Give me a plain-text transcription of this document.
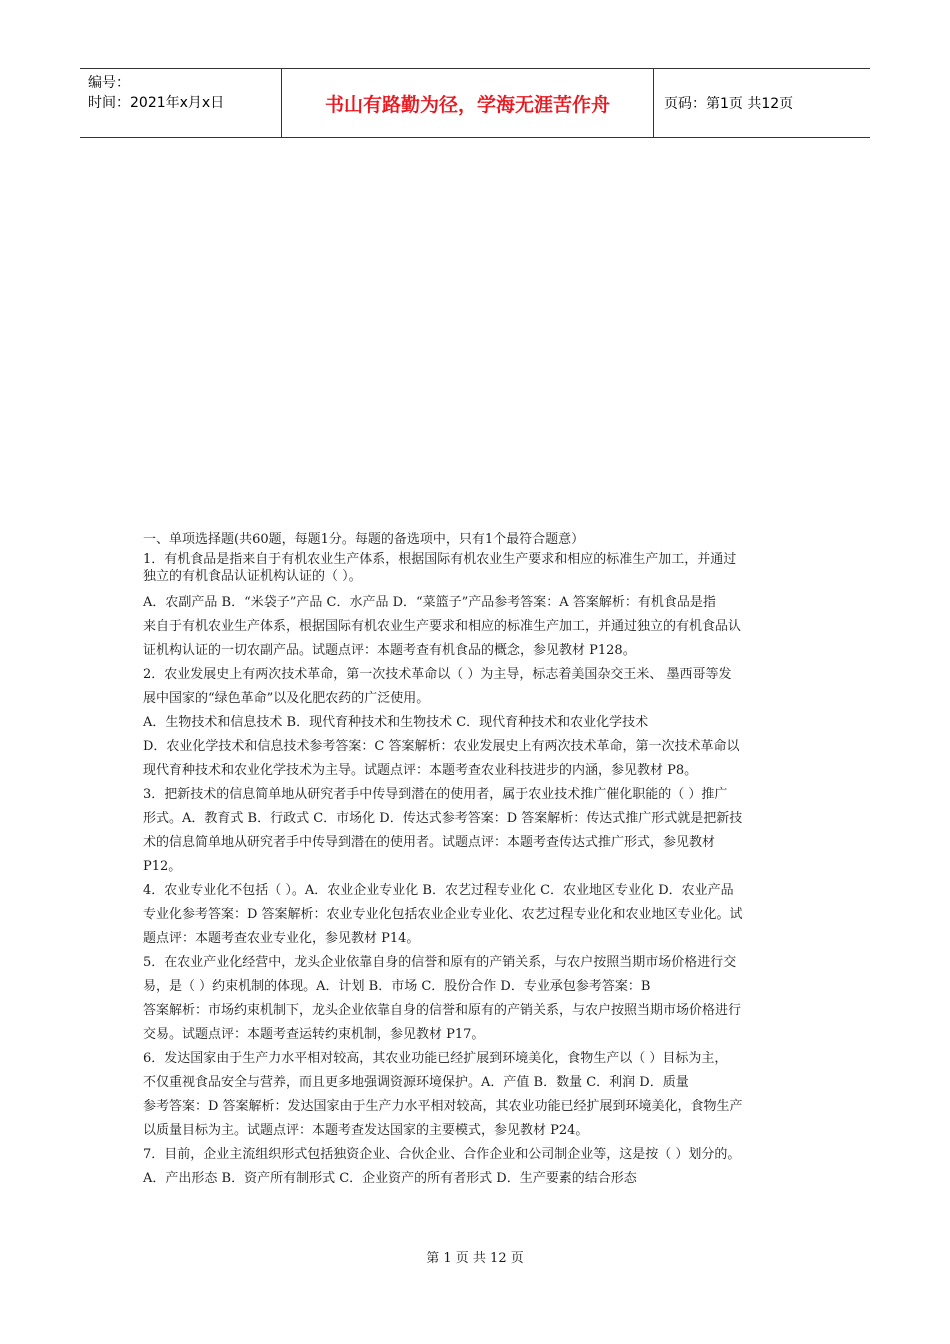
编号：
时间：2021年x月x日	书山有路勤为径，学海无涯苦作舟	页码：第1页 共12页

一、单项选择题(共60题，每题1分。每题的备选项中，只有1个最符合题意）

1．有机食品是指来自于有机农业生产体系，根据国际有机农业生产要求和相应的标准生产加工，并通过

独立的有机食品认证机构认证的（ ）。

A．农副产品 B．“米袋子”产品 C．水产品 D．“菜篮子”产品参考答案：A 答案解析：有机食品是指

来自于有机农业生产体系，根据国际有机农业生产要求和相应的标准生产加工，并通过独立的有机食品认

证机构认证的一切农副产品。试题点评：本题考查有机食品的概念，参见教材 P128。

2．农业发展史上有两次技术革命，第一次技术革命以（ ）为主导，标志着美国杂交王米、 墨西哥等发

展中国家的“绿色革命”以及化肥农药的广泛使用。

A．生物技术和信息技术 B．现代育种技术和生物技术 C．现代育种技术和农业化学技术

D．农业化学技术和信息技术参考答案：C 答案解析：农业发展史上有两次技术革命，第一次技术革命以

现代育种技术和农业化学技术为主导。试题点评：本题考查农业科技进步的内涵，参见教材 P8。

3．把新技术的信息简单地从研究者手中传导到潜在的使用者，属于农业技术推广催化职能的（ ）推广

形式。A．教育式 B．行政式 C．市场化 D．传达式参考答案：D 答案解析：传达式推广形式就是把新技

术的信息简单地从研究者手中传导到潜在的使用者。试题点评：本题考查传达式推广形式，参见教材

P12。

4．农业专业化不包括（ ）。A．农业企业专业化 B．农艺过程专业化 C．农业地区专业化 D．农业产品

专业化参考答案：D 答案解析：农业专业化包括农业企业专业化、农艺过程专业化和农业地区专业化。试

题点评：本题考查农业专业化，参见教材 P14。

5．在农业产业化经营中，龙头企业依靠自身的信誉和原有的产销关系，与农户按照当期市场价格进行交

易，是（ ）约束机制的体现。A．计划 B．市场 C．股份合作 D．专业承包参考答案：B

答案解析：市场约束机制下，龙头企业依靠自身的信誉和原有的产销关系，与农户按照当期市场价格进行

交易。试题点评：本题考查运转约束机制，参见教材 P17。

6．发达国家由于生产力水平相对较高，其农业功能已经扩展到环境美化，食物生产以（ ）目标为主，

不仅重视食品安全与营养，而且更多地强调资源环境保护。A．产值 B．数量 C．利润 D．质量

参考答案：D 答案解析：发达国家由于生产力水平相对较高，其农业功能已经扩展到环境美化，食物生产

以质量目标为主。试题点评：本题考查发达国家的主要模式，参见教材 P24。

7．目前，企业主流组织形式包括独资企业、合伙企业、合作企业和公司制企业等，这是按（ ）划分的。

A．产出形态 B．资产所有制形式 C．企业资产的所有者形式 D．生产要素的结合形态

第 1 页 共 12 页
